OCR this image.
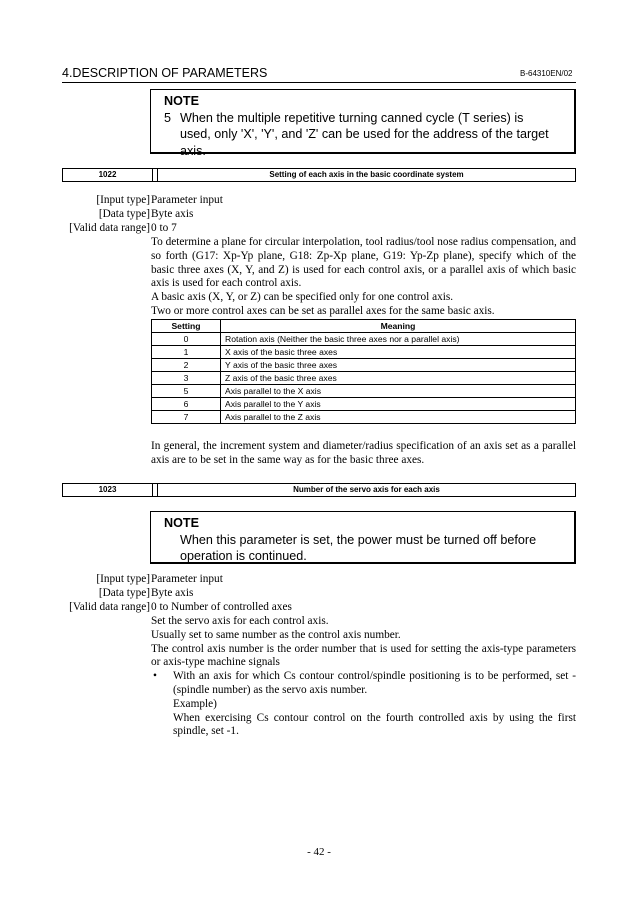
4.DESCRIPTION OF PARAMETERS	B-64310EN/02
NOTE
5 When the multiple repetitive turning canned cycle (T series) is
used, only 'X', 'Y', and 'Z' can be used for the address of the target
axis.
1022	Setting of each axis in the basic coordinate system
[Input type] Parameter input
[Data type] Byte axis
[Valid data range] 0 to 7

To determine a plane for circular interpolation, tool radius/tool nose radius compensation, and so forth (G17: Xp-Yp plane, G18: Zp-Xp plane, G19: Yp-Zp plane), specify which of the basic three axes (X, Y, and Z) is used for each control axis, or a parallel axis of which basic axis is used for each control axis.

A basic axis (X, Y, or Z) can be specified only for one control axis.

Two or more control axes can be set as parallel axes for the same basic axis.

Setting	Meaning
0	Rotation axis (Neither the basic three axes nor a parallel axis)
1	X axis of the basic three axes
2	Y axis of the basic three axes
3	Z axis of the basic three axes
5	Axis parallel to the X axis
6	Axis parallel to the Y axis
7	Axis parallel to the Z axis
In general, the increment system and diameter/radius specification of an axis set as a parallel axis are to be set in the same way as for the basic three axes.
1023	Number of the servo axis for each axis
NOTE
When this parameter is set, the power must be turned off before
operation is continued.
[Input type] Parameter input
[Data type] Byte axis
[Valid data range] 0 to Number of controlled axes

Set the servo axis for each control axis.

Usually set to same number as the control axis number.

The control axis number is the order number that is used for setting the axis-type parameters or axis-type machine signals

• With an axis for which Cs contour control/spindle positioning is to be performed, set -(spindle number) as the servo axis number.

Example)

When exercising Cs contour control on the fourth controlled axis by using the first spindle, set -1.

- 42 -
